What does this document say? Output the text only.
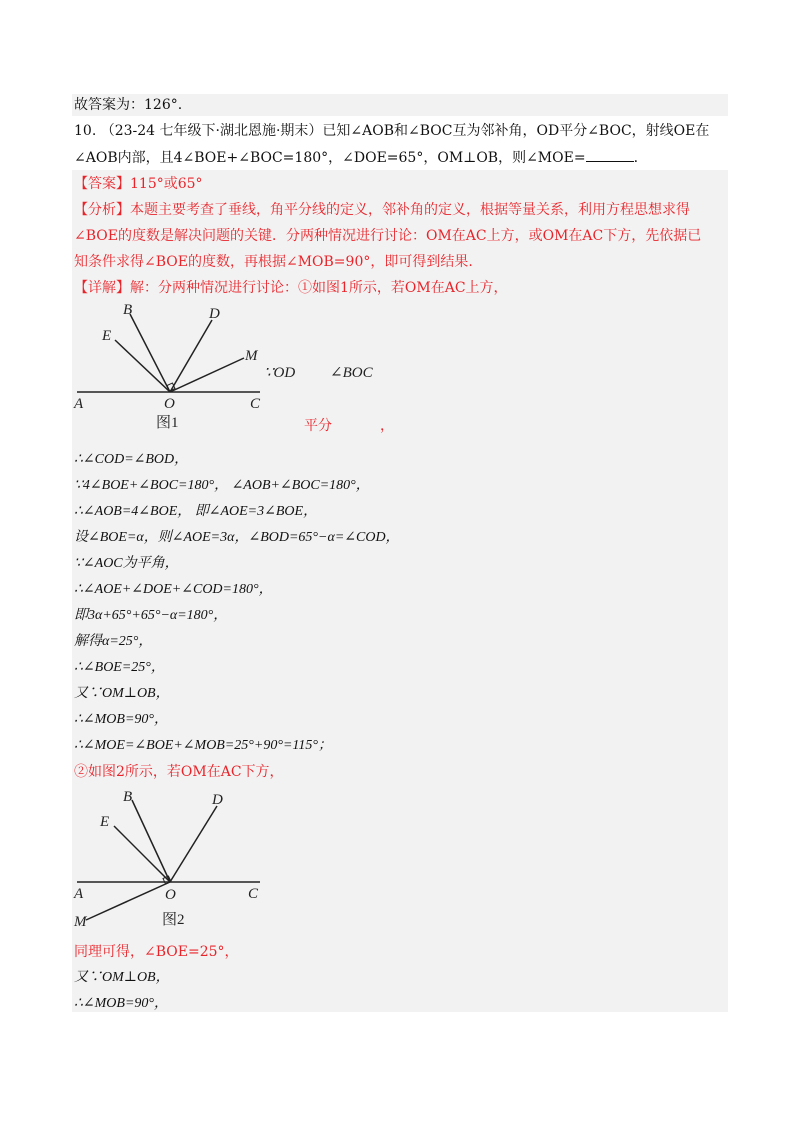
故答案为：126°.
10. （23-24 七年级下·湖北恩施·期末）已知∠AOB和∠BOC互为邻补角，OD平分∠BOC，射线OE在
∠AOB内部，且4∠BOE+∠BOC=180°，∠DOE=65°，OM⊥OB，则∠MOE=	.
【答案】115°或65°
【分析】本题主要考查了垂线，角平分线的定义，邻补角的定义，根据等量关系，利用方程思想求得
∠BOE的度数是解决问题的关键．分两种情况进行讨论：OM在AC上方，或OM在AC下方，先依据已
知条件求得∠BOE的度数，再根据∠MOB=90°，即可得到结果.
【详解】解：分两种情况进行讨论：①如图1所示，若OM在AC上方，
B
E
D
M
A	O	C
图1
∵OD ∠BOC
平分	，
∴∠COD=∠BOD，
∵4∠BOE+∠BOC=180°， ∠AOB+∠BOC=180°，
∴∠AOB=4∠BOE， 即∠AOE=3∠BOE，
设∠BOE=α，则∠AOE=3α，∠BOD=65°−α=∠COD，
∵∠AOC为平角，
∴∠AOE+∠DOE+∠COD=180°，
即3α+65°+65°−α=180°，
解得α=25°，
∴∠BOE=25°，
又∵OM⊥OB，
∴∠MOB=90°，
∴∠MOE=∠BOE+∠MOB=25°+90°=115°；
②如图2所示，若OM在AC下方，
B
E
D
A	O	C
M	图2
同理可得，∠BOE=25°，
又∵OM⊥OB，
∴∠MOB=90°，
